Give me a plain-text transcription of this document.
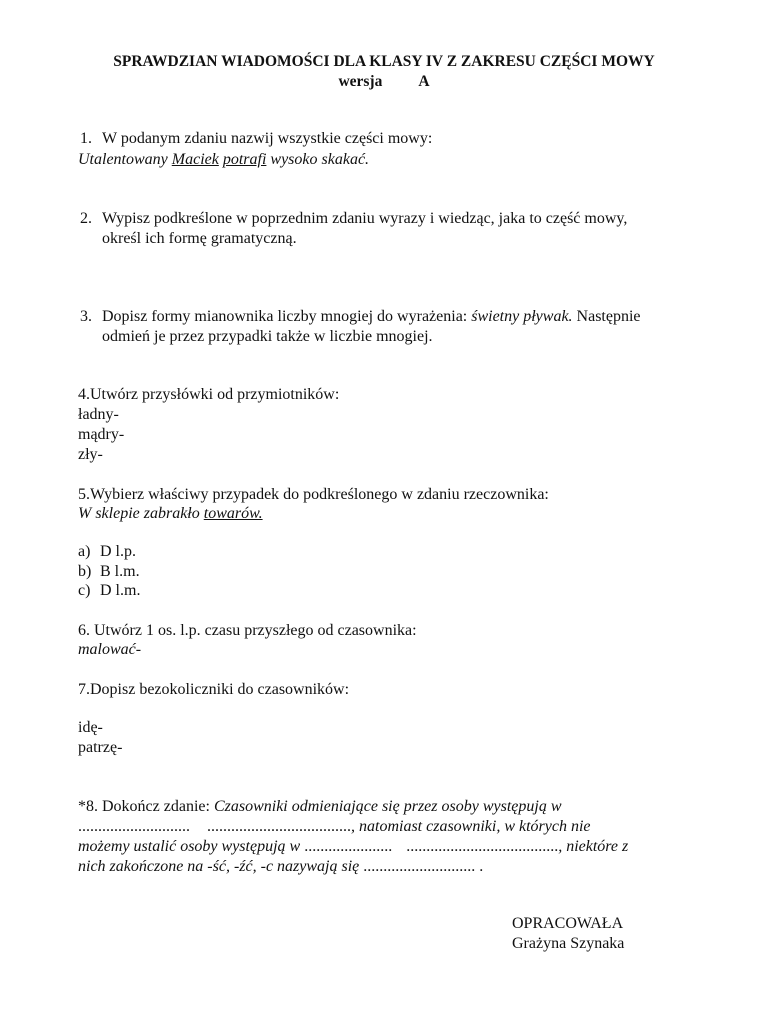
SPRAWDZIAN WIADOMOŚCI DLA KLASY IV Z ZAKRESU CZĘŚCI MOWY
wersja A
1. W podanym zdaniu nazwij wszystkie części mowy:
Utalentowany Maciek potrafi wysoko skakać.
2. Wypisz podkreślone w poprzednim zdaniu wyrazy i wiedząc, jaka to część mowy,
określ ich formę gramatyczną.
3. Dopisz formy mianownika liczby mnogiej do wyrażenia: świetny pływak. Następnie
odmień je przez przypadki także w liczbie mnogiej.
4.Utwórz przysłówki od przymiotników:
ładny-
mądry-
zły-
5.Wybierz właściwy przypadek do podkreślonego w zdaniu rzeczownika:
W sklepie zabrakło towarów.
a) D l.p.
b) B l.m.
c) D l.m.
6. Utwórz 1 os. l.p. czasu przyszłego od czasownika:
malować-
7.Dopisz bezokoliczniki do czasowników:
idę-
patrzę-
*8. Dokończ zdanie: Czasowniki odmieniające się przez osoby występują w
............................ ...................................., natomiast czasowniki, w których nie
możemy ustalić osoby występują w ...................... ......................................, niektóre z
nich zakończone na -ść, -źć, -c nazywają się ............................ .
OPRACOWAŁA
Grażyna Szynaka
